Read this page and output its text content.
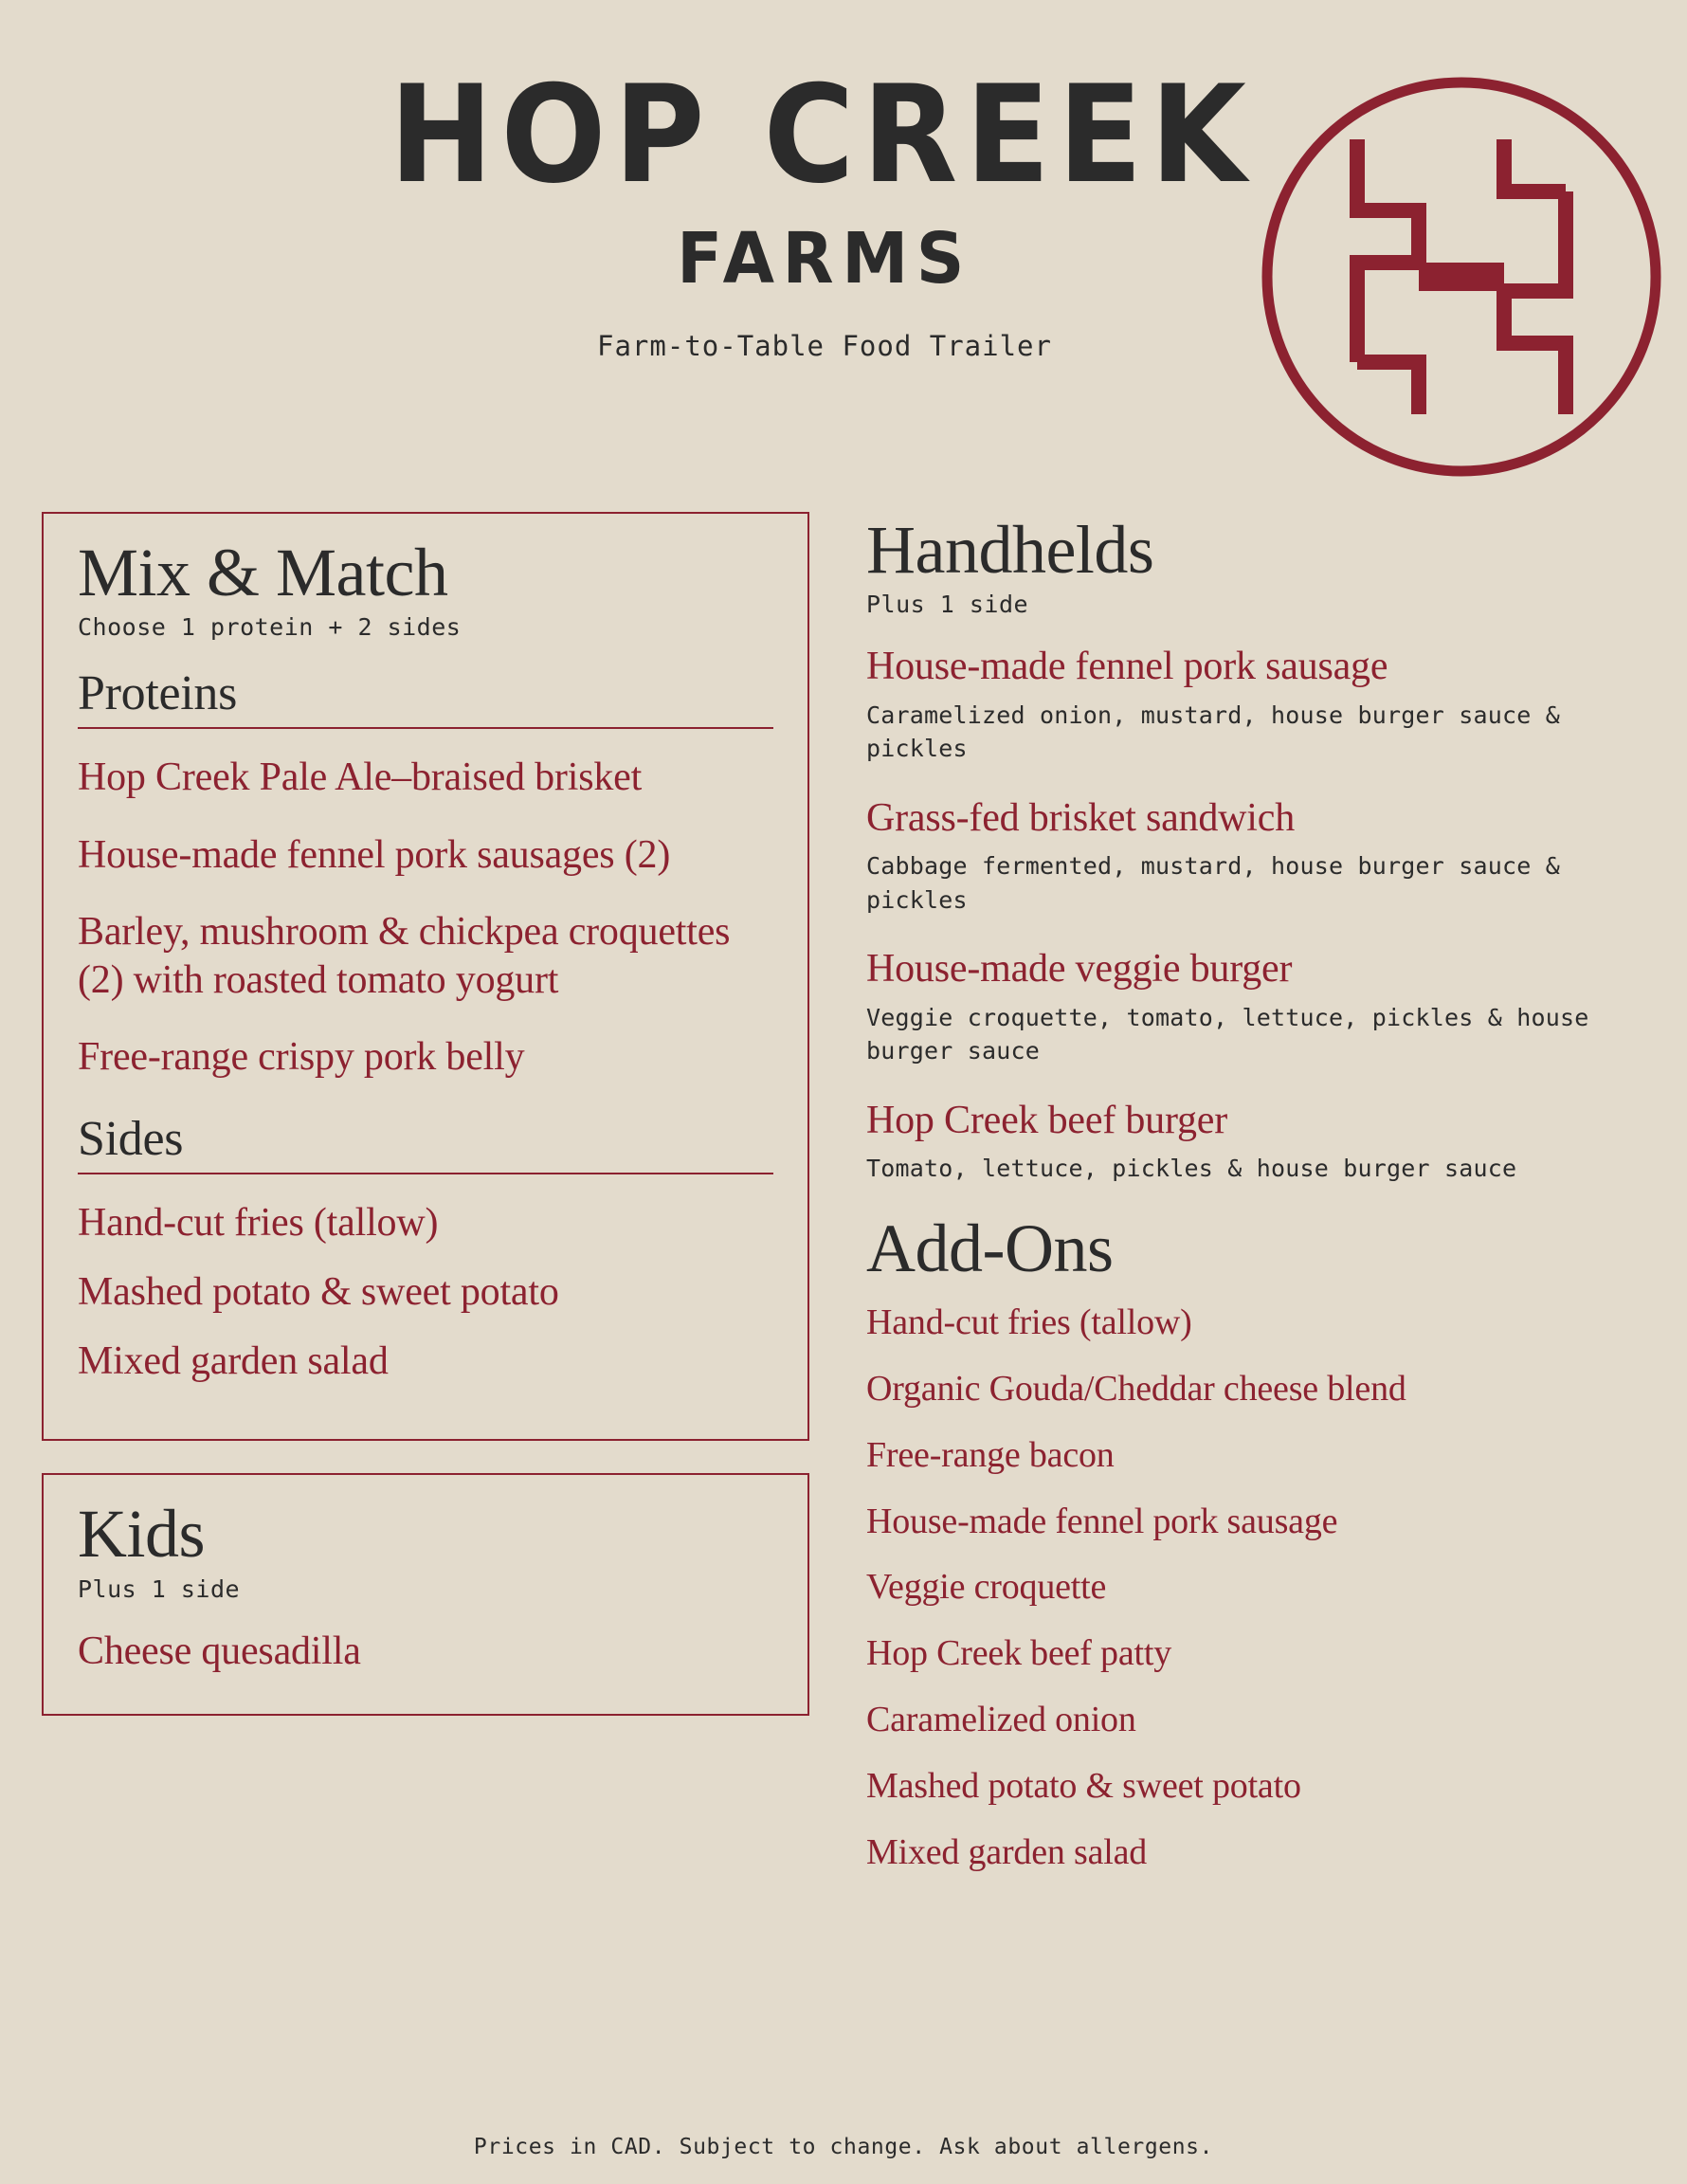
HOP CREEK
FARMS
Farm-to-Table Food Trailer
Mix & Match
Choose 1 protein + 2 sides
Proteins
Hop Creek Pale Ale–braised brisket
House-made fennel pork sausages (2)
Barley, mushroom & chickpea croquettes (2) with roasted tomato yogurt
Free-range crispy pork belly
Sides
Hand-cut fries (tallow)
Mashed potato & sweet potato
Mixed garden salad
Kids
Plus 1 side
Cheese quesadilla
Handhelds
Plus 1 side
House-made fennel pork sausage
Caramelized onion, mustard, house burger sauce & pickles
Grass-fed brisket sandwich
Cabbage fermented, mustard, house burger sauce & pickles
House-made veggie burger
Veggie croquette, tomato, lettuce, pickles & house burger sauce
Hop Creek beef burger
Tomato, lettuce, pickles & house burger sauce
Add-Ons
Hand-cut fries (tallow)
Organic Gouda/Cheddar cheese blend
Free-range bacon
House-made fennel pork sausage
Veggie croquette
Hop Creek beef patty
Caramelized onion
Mashed potato & sweet potato
Mixed garden salad
Prices in CAD. Subject to change. Ask about allergens.
